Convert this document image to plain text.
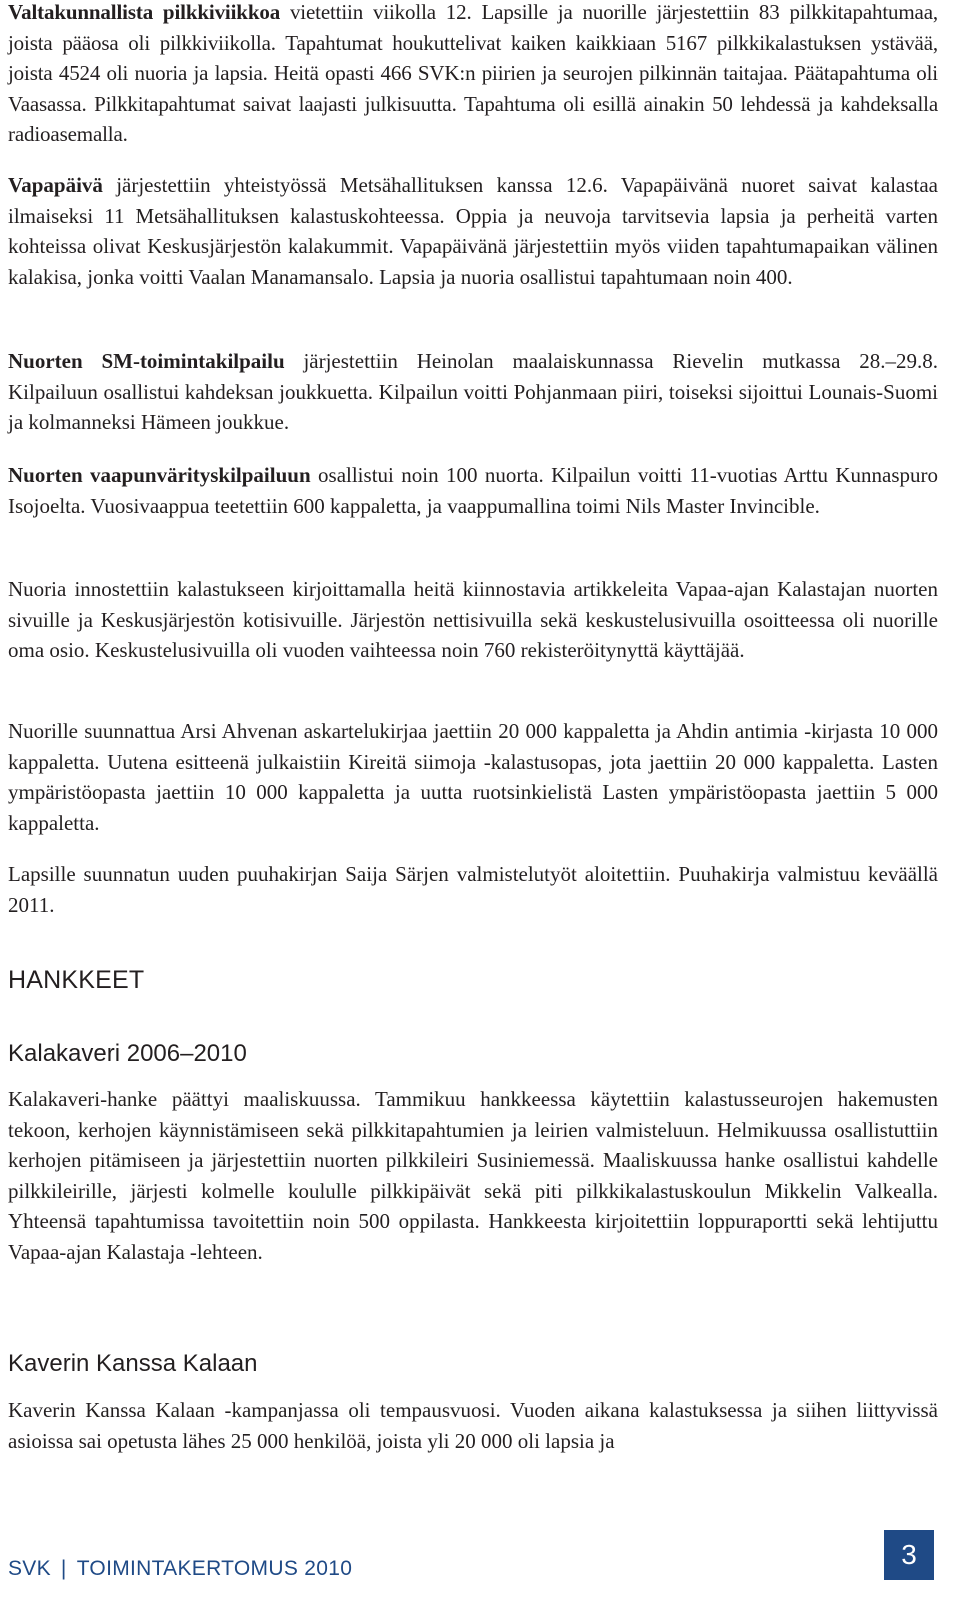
Valtakunnallista pilkkiviikkoa vietettiin viikolla 12. Lapsille ja nuorille järjestettiin 83 pilkkitapahtumaa, joista pääosa oli pilkkiviikolla. Tapahtumat houkuttelivat kaiken kaikkiaan 5167 pilkkikalastuksen ystävää, joista 4524 oli nuoria ja lapsia. Heitä opasti 466 SVK:n piirien ja seurojen pilkinnän taitajaa. Päätapahtuma oli Vaasassa. Pilkkitapahtumat saivat laajasti julkisuutta. Tapahtuma oli esillä ainakin 50 lehdessä ja kahdeksalla radioasemalla.

Vapapäivä järjestettiin yhteistyössä Metsähallituksen kanssa 12.6. Vapapäivänä nuoret saivat kalastaa ilmaiseksi 11 Metsähallituksen kalastuskohteessa. Oppia ja neuvoja tarvitsevia lapsia ja perheitä varten kohteissa olivat Keskusjärjestön kalakummit. Vapapäivänä järjestettiin myös viiden tapahtumapaikan välinen kalakisa, jonka voitti Vaalan Manamansalo. Lapsia ja nuoria osallistui tapahtumaan noin 400.

Nuorten SM-toimintakilpailu järjestettiin Heinolan maalaiskunnassa Rievelin mutkassa 28.–29.8. Kilpailuun osallistui kahdeksan joukkuetta. Kilpailun voitti Pohjanmaan piiri, toiseksi sijoittui Lounais-Suomi ja kolmanneksi Hämeen joukkue.

Nuorten vaapunvärityskilpailuun osallistui noin 100 nuorta. Kilpailun voitti 11-vuotias Arttu Kunnaspuro Isojoelta. Vuosivaappua teetettiin 600 kappaletta, ja vaappumallina toimi Nils Master Invincible.

Nuoria innostettiin kalastukseen kirjoittamalla heitä kiinnostavia artikkeleita Vapaa-ajan Kalastajan nuorten sivuille ja Keskusjärjestön kotisivuille. Järjestön nettisivuilla sekä keskustelusivuilla osoitteessa oli nuorille oma osio. Keskustelusivuilla oli vuoden vaihteessa noin 760 rekisteröitynyttä käyttäjää.

Nuorille suunnattua Arsi Ahvenan askartelukirjaa jaettiin 20 000 kappaletta ja Ahdin antimia -kirjasta 10 000 kappaletta. Uutena esitteenä julkaistiin Kireitä siimoja -kalastusopas, jota jaettiin 20 000 kappaletta. Lasten ympäristöopasta jaettiin 10 000 kappaletta ja uutta ruotsinkielistä Lasten ympäristöopasta jaettiin 5 000 kappaletta.

Lapsille suunnatun uuden puuhakirjan Saija Särjen valmistelutyöt aloitettiin. Puuhakirja valmistuu keväällä 2011.

HANKKEET
Kalakaveri 2006–2010

Kalakaveri-hanke päättyi maaliskuussa. Tammikuu hankkeessa käytettiin kalastusseurojen hakemusten tekoon, kerhojen käynnistämiseen sekä pilkkitapahtumien ja leirien valmisteluun. Helmikuussa osallistuttiin kerhojen pitämiseen ja järjestettiin nuorten pilkkileiri Susiniemessä. Maaliskuussa hanke osallistui kahdelle pilkkileirille, järjesti kolmelle koululle pilkkipäivät sekä piti pilkkikalastuskoulun Mikkelin Valkealla. Yhteensä tapahtumissa tavoitettiin noin 500 oppilasta. Hankkeesta kirjoitettiin loppuraportti sekä lehtijuttu Vapaa-ajan Kalastaja -lehteen.

Kaverin Kanssa Kalaan

Kaverin Kanssa Kalaan -kampanjassa oli tempausvuosi. Vuoden aikana kalastuksessa ja siihen liittyvissä asioissa sai opetusta lähes 25 000 henkilöä, joista yli 20 000 oli lapsia ja

SVK | TOIMINTAKERTOMUS 2010	3
